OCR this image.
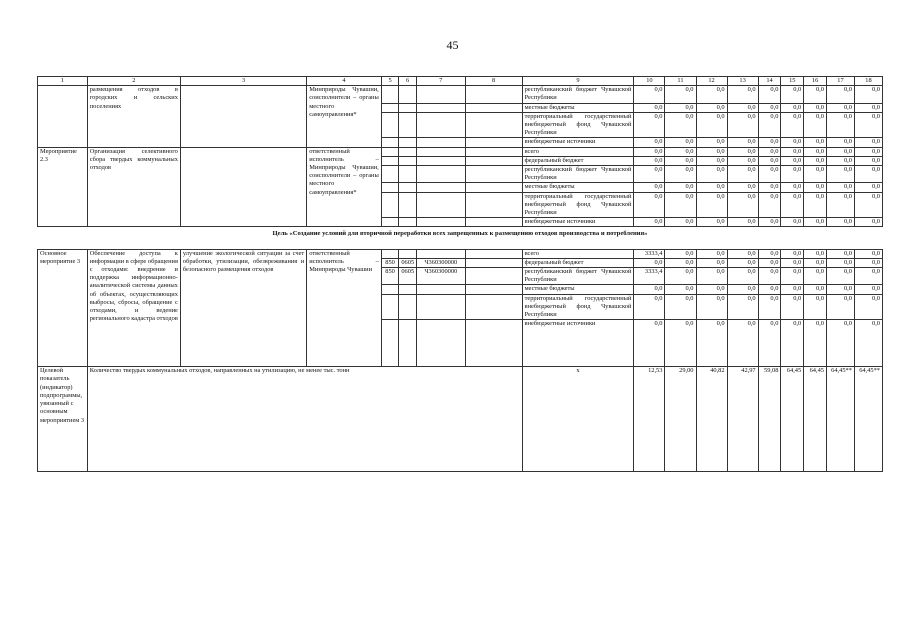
45
1	2	3	4	5	6	7	8	9	10	11	12	13	14	15	16	17	18
	размещения отходов в городских и сельских поселениях		Минприроды Чувашии, соисполнители – органы местного самоуправления*					республиканский бюджет Чувашской Республики	0,0	0,0	0,0	0,0	0,0	0,0	0,0	0,0	0,0
								местные бюджеты	0,0	0,0	0,0	0,0	0,0	0,0	0,0	0,0	0,0
								территориальный государственный внебюджетный фонд Чувашской Республики	0,0	0,0	0,0	0,0	0,0	0,0	0,0	0,0	0,0
								внебюджетные источники	0,0	0,0	0,0	0,0	0,0	0,0	0,0	0,0	0,0
Мероприятие 2.3	Организация селективного сбора твердых коммунальных отходов		ответственный исполнитель – Минприроды Чувашии, соисполнители – органы местного самоуправления*					всего	0,0	0,0	0,0	0,0	0,0	0,0	0,0	0,0	0,0
								федеральный бюджет	0,0	0,0	0,0	0,0	0,0	0,0	0,0	0,0	0,0
								республиканский бюджет Чувашской Республики	0,0	0,0	0,0	0,0	0,0	0,0	0,0	0,0	0,0
								местные бюджеты	0,0	0,0	0,0	0,0	0,0	0,0	0,0	0,0	0,0
								территориальный государственный внебюджетный фонд Чувашской Республики	0,0	0,0	0,0	0,0	0,0	0,0	0,0	0,0	0,0
								внебюджетные источники	0,0	0,0	0,0	0,0	0,0	0,0	0,0	0,0	0,0
Цель «Создание условий для вторичной переработки всех запрещенных к размещению отходов производства и потребления»																	
Основное мероприятие 3	Обеспечение доступа к информации в сфере обращения с отходами: внедрение и поддержка информационно-аналитической системы данных об объектах, осуществляющих выбросы, сбросы, обращение с отходами, и ведение регионального кадастра отходов	улучшение экологической ситуации за счет обработки, утилизации, обезвреживания и безопасного размещения отходов	ответственный исполнитель – Минприроды Чувашии					всего	3333,4	0,0	0,0	0,0	0,0	0,0	0,0	0,0	0,0
				850	0605	Ч360300000		федеральный бюджет	0,0	0,0	0,0	0,0	0,0	0,0	0,0	0,0	0,0
				850	0605	Ч360300000		республиканский бюджет Чувашской Республики	3333,4	0,0	0,0	0,0	0,0	0,0	0,0	0,0	0,0
								местные бюджеты	0,0	0,0	0,0	0,0	0,0	0,0	0,0	0,0	0,0
								территориальный государственный внебюджетный фонд Чувашской Республики	0,0	0,0	0,0	0,0	0,0	0,0	0,0	0,0	0,0
								внебюджетные источники	0,0	0,0	0,0	0,0	0,0	0,0	0,0	0,0	0,0
Целевой показатель (индикатор) подпрограммы, увязанный с основным мероприятием 3	Количество твердых коммунальных отходов, направленных на утилизацию, не менее тыс. тонн							х	12,53	29,00	40,82	42,97	59,08	64,45	64,45	64,45**	64,45**
